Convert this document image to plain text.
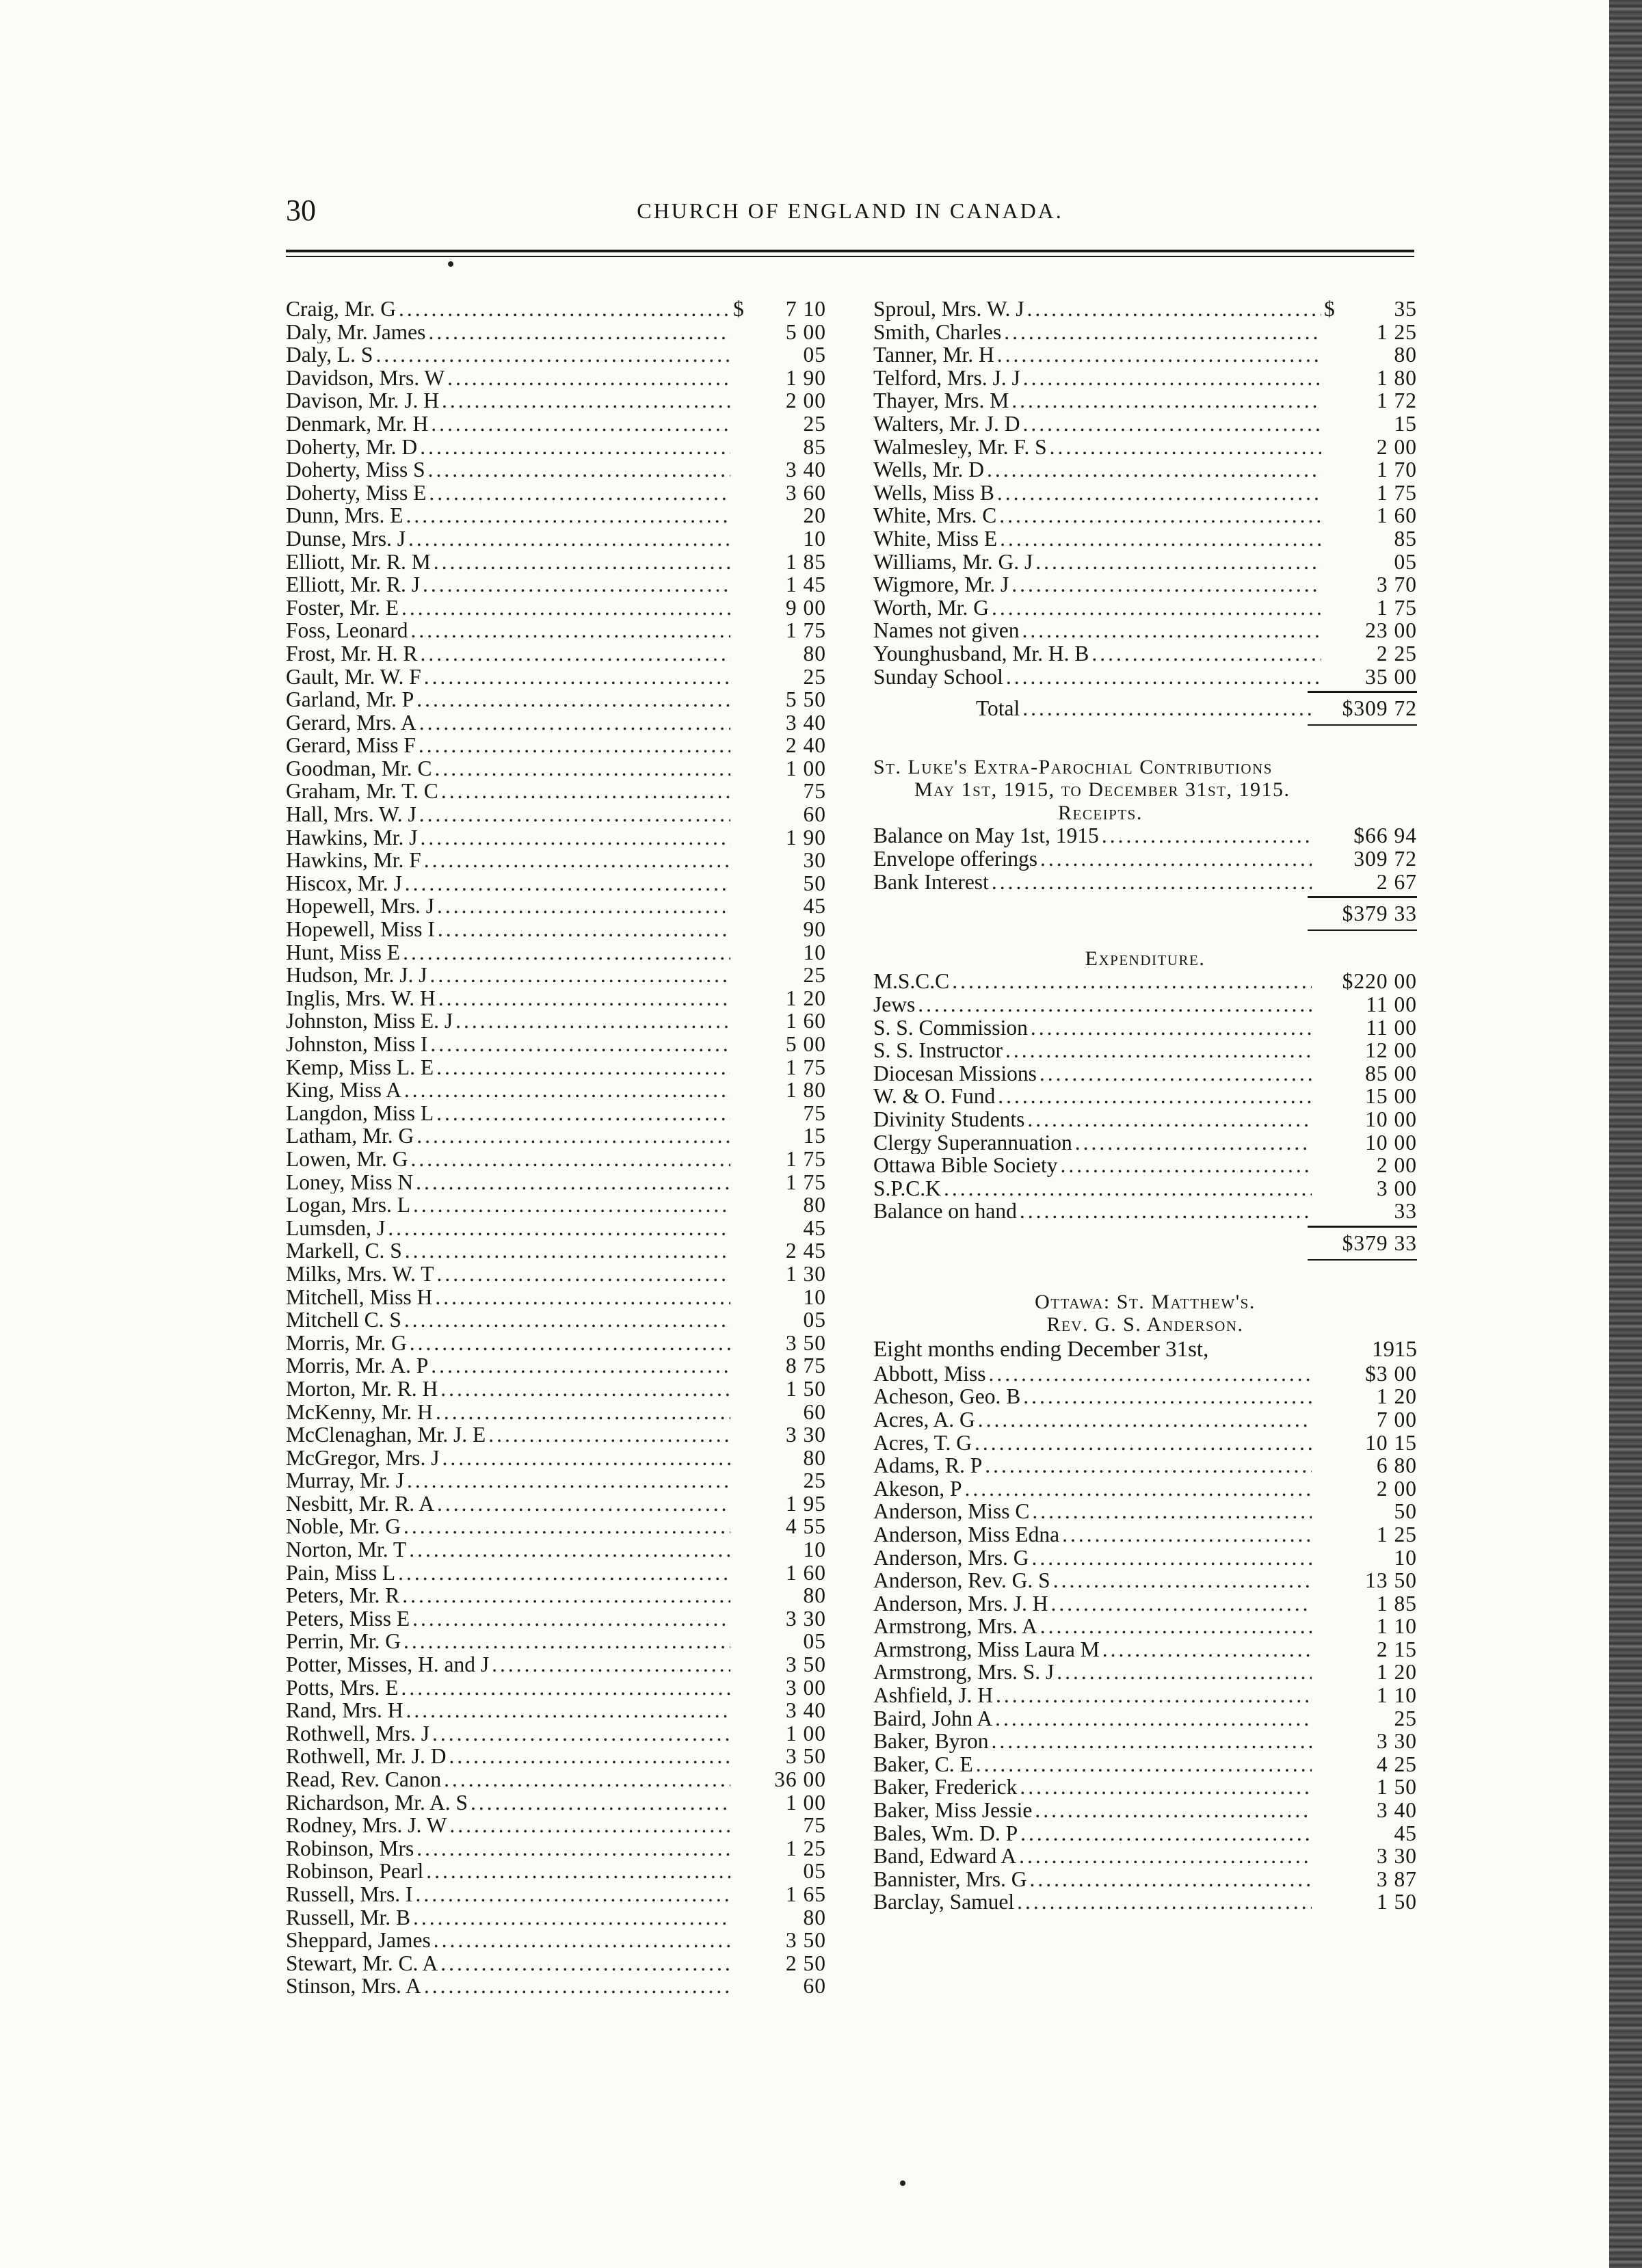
30	CHURCH OF ENGLAND IN CANADA.
Craig, Mr. G .....	$	7 10
Daly, Mr. James .....	5 00
Daly, L. S .....	05
Davidson, Mrs. W .....	1 90
Davison, Mr. J. H .....	2 00
Denmark, Mr. H .....	25
Doherty, Mr. D .....	85
Doherty, Miss S .....	3 40
Doherty, Miss E .....	3 60
Dunn, Mrs. E .....	20
Dunse, Mrs. J .....	10
Elliott, Mr. R. M .....	1 85
Elliott, Mr. R. J .....	1 45
Foster, Mr. E .....	9 00
Foss, Leonard .....	1 75
Frost, Mr. H. R .....	80
Gault, Mr. W. F .....	25
Garland, Mr. P .....	5 50
Gerard, Mrs. A .....	3 40
Gerard, Miss F .....	2 40
Goodman, Mr. C .....	1 00
Graham, Mr. T. C .....	75
Hall, Mrs. W. J .....	60
Hawkins, Mr. J .....	1 90
Hawkins, Mr. F .....	30
Hiscox, Mr. J .....	50
Hopewell, Mrs. J .....	45
Hopewell, Miss I .....	90
Hunt, Miss E .....	10
Hudson, Mr. J. J .....	25
Inglis, Mrs. W. H .....	1 20
Johnston, Miss E. J .....	1 60
Johnston, Miss I .....	5 00
Kemp, Miss L. E .....	1 75
King, Miss A .....	1 80
Langdon, Miss L .....	75
Latham, Mr. G .....	15
Lowen, Mr. G .....	1 75
Loney, Miss N .....	1 75
Logan, Mrs. L .....	80
Lumsden, J .....	45
Markell, C. S .....	2 45
Milks, Mrs. W. T .....	1 30
Mitchell, Miss H .....	10
Mitchell C. S .....	05
Morris, Mr. G .....	3 50
Morris, Mr. A. P .....	8 75
Morton, Mr. R. H .....	1 50
McKenny, Mr. H .....	60
McClenaghan, Mr. J. E .....	3 30
McGregor, Mrs. J .....	80
Murray, Mr. J .....	25
Nesbitt, Mr. R. A .....	1 95
Noble, Mr. G .....	4 55
Norton, Mr. T .....	10
Pain, Miss L .....	1 60
Peters, Mr. R .....	80
Peters, Miss E .....	3 30
Perrin, Mr. G .....	05
Potter, Misses, H. and J .....	3 50
Potts, Mrs. E .....	3 00
Rand, Mrs. H .....	3 40
Rothwell, Mrs. J .....	1 00
Rothwell, Mr. J. D .....	3 50
Read, Rev. Canon .....	36 00
Richardson, Mr. A. S .....	1 00
Rodney, Mrs. J. W .....	75
Robinson, Mrs .....	1 25
Robinson, Pearl .....	05
Russell, Mrs. I .....	1 65
Russell, Mr. B .....	80
Sheppard, James .....	3 50
Stewart, Mr. C. A .....	2 50
Stinson, Mrs. A .....	60
Sproul, Mrs. W. J .....	$	35
Smith, Charles .....	1 25
Tanner, Mr. H .....	80
Telford, Mrs. J. J .....	1 80
Thayer, Mrs. M .....	1 72
Walters, Mr. J. D .....	15
Walmesley, Mr. F. S .....	2 00
Wells, Mr. D .....	1 70
Wells, Miss B .....	1 75
White, Mrs. C .....	1 60
White, Miss E .....	85
Williams, Mr. G. J .....	05
Wigmore, Mr. J .....	3 70
Worth, Mr. G .....	1 75
Names not given .....	23 00
Younghusband, Mr. H. B .....	2 25
Sunday School .....	35 00
Total .....	$309 72
St. Luke's Extra-Parochial Contributions
May 1st, 1915, to December 31st, 1915.
Receipts.
Balance on May 1st, 1915 .....	$66 94
Envelope offerings .....	309 72
Bank Interest .....	2 67
$379 33
Expenditure.
M.S.C.C .....	$220 00
Jews .....	11 00
S. S. Commission .....	11 00
S. S. Instructor .....	12 00
Diocesan Missions .....	85 00
W. & O. Fund .....	15 00
Divinity Students .....	10 00
Clergy Superannuation .....	10 00
Ottawa Bible Society .....	2 00
S.P.C.K .....	3 00
Balance on hand .....	33
$379 33
Ottawa: St. Matthew's.
Rev. G. S. Anderson.
Eight months ending December 31st,	1915
Abbott, Miss .....	$3 00
Acheson, Geo. B .....	1 20
Acres, A. G .....	7 00
Acres, T. G .....	10 15
Adams, R. P .....	6 80
Akeson, P .....	2 00
Anderson, Miss C .....	50
Anderson, Miss Edna .....	1 25
Anderson, Mrs. G .....	10
Anderson, Rev. G. S .....	13 50
Anderson, Mrs. J. H .....	1 85
Armstrong, Mrs. A .....	1 10
Armstrong, Miss Laura M .....	2 15
Armstrong, Mrs. S. J .....	1 20
Ashfield, J. H .....	1 10
Baird, John A .....	25
Baker, Byron .....	3 30
Baker, C. E .....	4 25
Baker, Frederick .....	1 50
Baker, Miss Jessie .....	3 40
Bales, Wm. D. P .....	45
Band, Edward A .....	3 30
Bannister, Mrs. G .....	3 87
Barclay, Samuel .....	1 50
